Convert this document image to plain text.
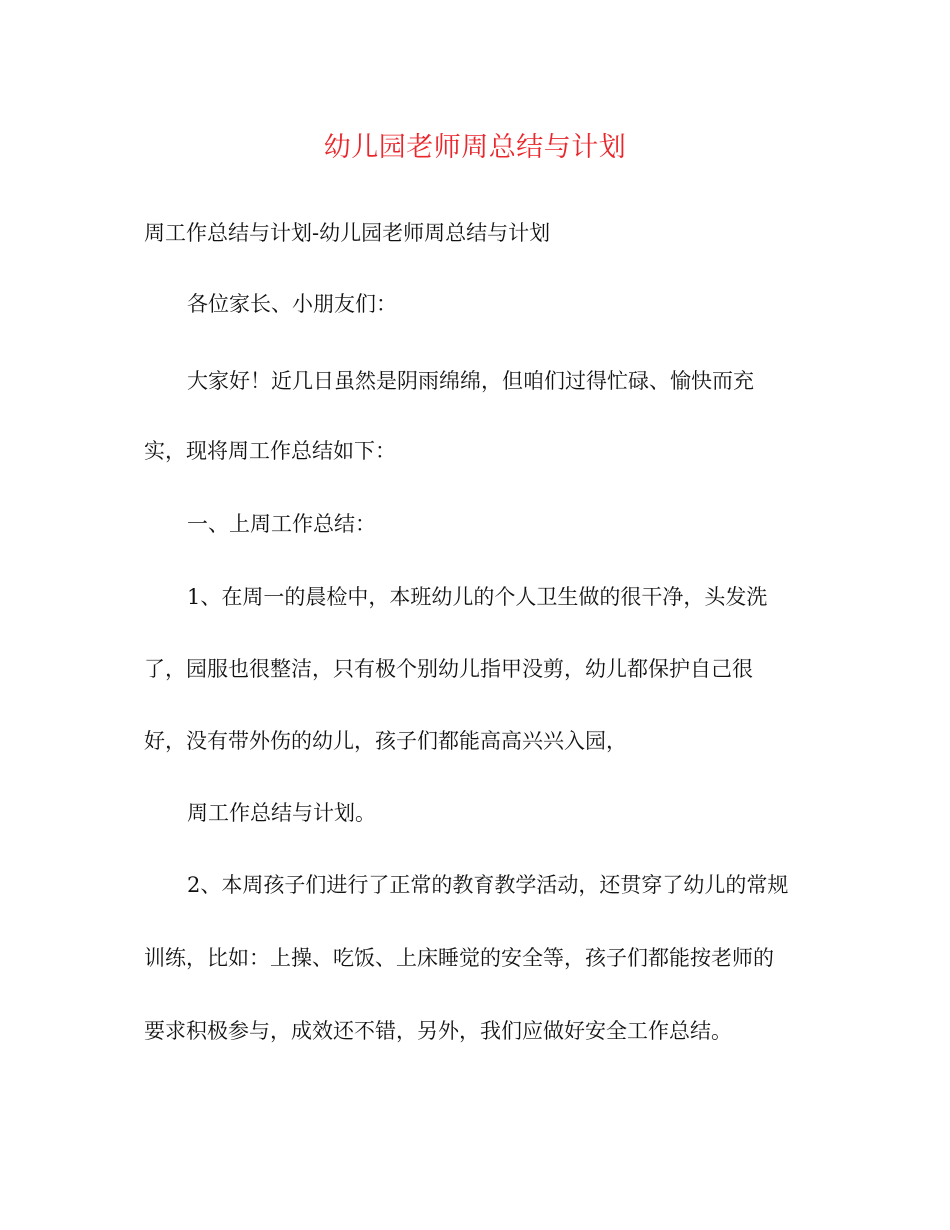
幼儿园老师周总结与计划
周工作总结与计划-幼儿园老师周总结与计划
各位家长、小朋友们：
大家好！近几日虽然是阴雨绵绵，但咱们过得忙碌、愉快而充
实，现将周工作总结如下：
一、上周工作总结：
1、在周一的晨检中，本班幼儿的个人卫生做的很干净，头发洗
了，园服也很整洁，只有极个别幼儿指甲没剪，幼儿都保护自己很
好，没有带外伤的幼儿，孩子们都能高高兴兴入园，
周工作总结与计划。
2、本周孩子们进行了正常的教育教学活动，还贯穿了幼儿的常规
训练，比如：上操、吃饭、上床睡觉的安全等，孩子们都能按老师的
要求积极参与，成效还不错，另外，我们应做好安全工作总结。
